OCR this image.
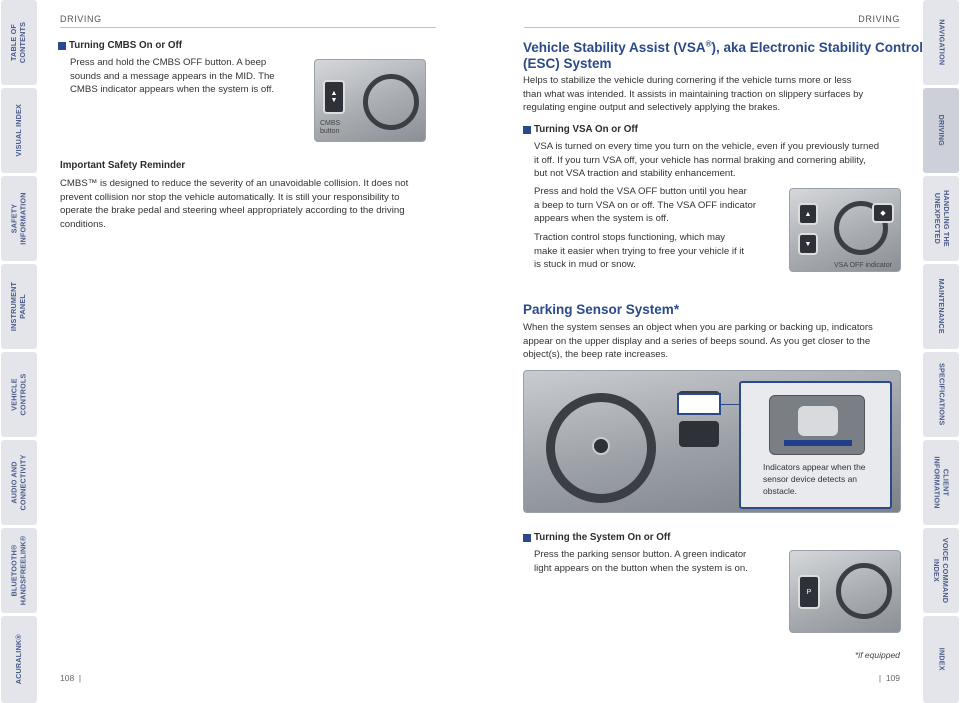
TABLE OF
CONTENTS
VISUAL INDEX
SAFETY
INFORMATION
INSTRUMENT
PANEL
VEHICLE
CONTROLS
AUDIO AND
CONNECTIVITY
BLUETOOTH®
HANDSFREELINK®
ACURALINK®
NAVIGATION
DRIVING
HANDLING THE
UNEXPECTED
MAINTENANCE
SPECIFICATIONS
CLIENT
INFORMATION
VOICE COMMAND
INDEX
INDEX
DRIVING
Turning CMBS On or Off
Press and hold the CMBS OFF button. A beep
sounds and a message appears in the MID. The
CMBS indicator appears when the system is off.	▲
▼
CMBS
button
Important Safety Reminder
CMBS™ is designed to reduce the severity of an unavoidable collision. It does not
prevent collision nor stop the vehicle automatically. It is still your responsibility to
operate the brake pedal and steering wheel appropriately according to the driving
conditions.
108  |
DRIVING
Vehicle Stability Assist (VSA®), aka Electronic Stability Control
(ESC) System
Helps to stabilize the vehicle during cornering if the vehicle turns more or less
than what was intended. It assists in maintaining traction on slippery surfaces by
regulating engine output and selectively applying the brakes.
Turning VSA On or Off
VSA is turned on every time you turn on the vehicle, even if you previously turned
it off. If you turn VSA off, your vehicle has normal braking and cornering ability,
but not VSA traction and stability enhancement.
Press and hold the VSA OFF button until you hear
a beep to turn VSA on or off. The VSA OFF indicator
appears when the system is off.
Traction control stops functioning, which may
make it easier when trying to free your vehicle if it
is stuck in mud or snow.
▲
▼
◆
VSA OFF indicator
Parking Sensor System*
When the system senses an object when you are parking or backing up, indicators
appear on the upper display and a series of beeps sound. As you get closer to the
object(s), the beep rate increases.
Indicators appear when the
sensor device detects an
obstacle.
Turning the System On or Off
Press the parking sensor button. A green indicator
light appears on the button when the system is on.
P
*if equipped
|  109
